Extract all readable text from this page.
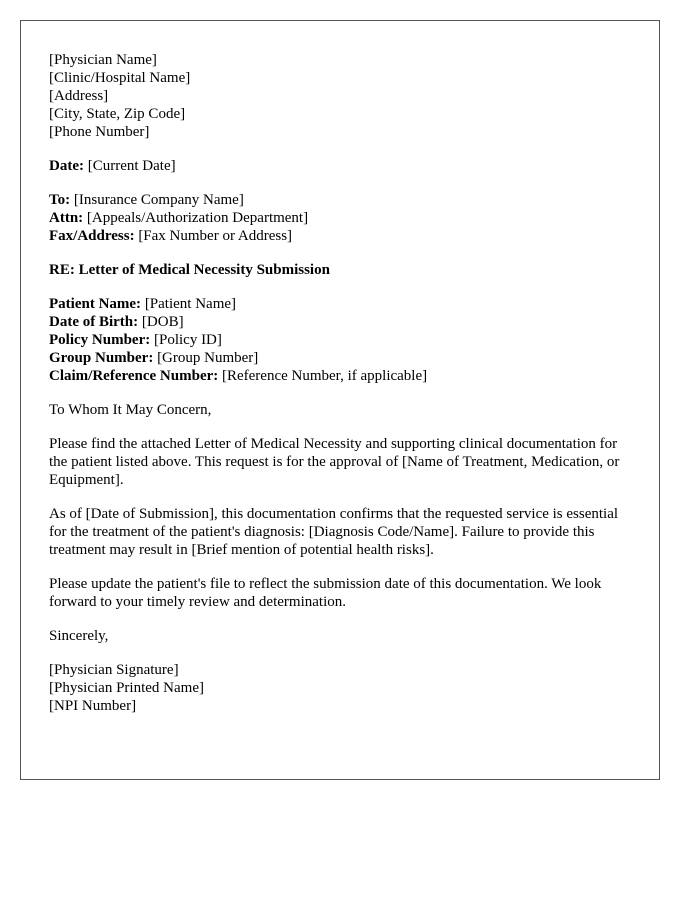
[Physician Name]
[Clinic/Hospital Name]
[Address]
[City, State, Zip Code]
[Phone Number]
Date: [Current Date]
To: [Insurance Company Name]
Attn: [Appeals/Authorization Department]
Fax/Address: [Fax Number or Address]
RE: Letter of Medical Necessity Submission
Patient Name: [Patient Name]
Date of Birth: [DOB]
Policy Number: [Policy ID]
Group Number: [Group Number]
Claim/Reference Number: [Reference Number, if applicable]

To Whom It May Concern,

Please find the attached Letter of Medical Necessity and supporting clinical documentation for the patient listed above. This request is for the approval of [Name of Treatment, Medication, or Equipment].

As of [Date of Submission], this documentation confirms that the requested service is essential for the treatment of the patient's diagnosis: [Diagnosis Code/Name]. Failure to provide this treatment may result in [Brief mention of potential health risks].

Please update the patient's file to reflect the submission date of this documentation. We look forward to your timely review and determination.

Sincerely,

[Physician Signature]
[Physician Printed Name]
[NPI Number]
